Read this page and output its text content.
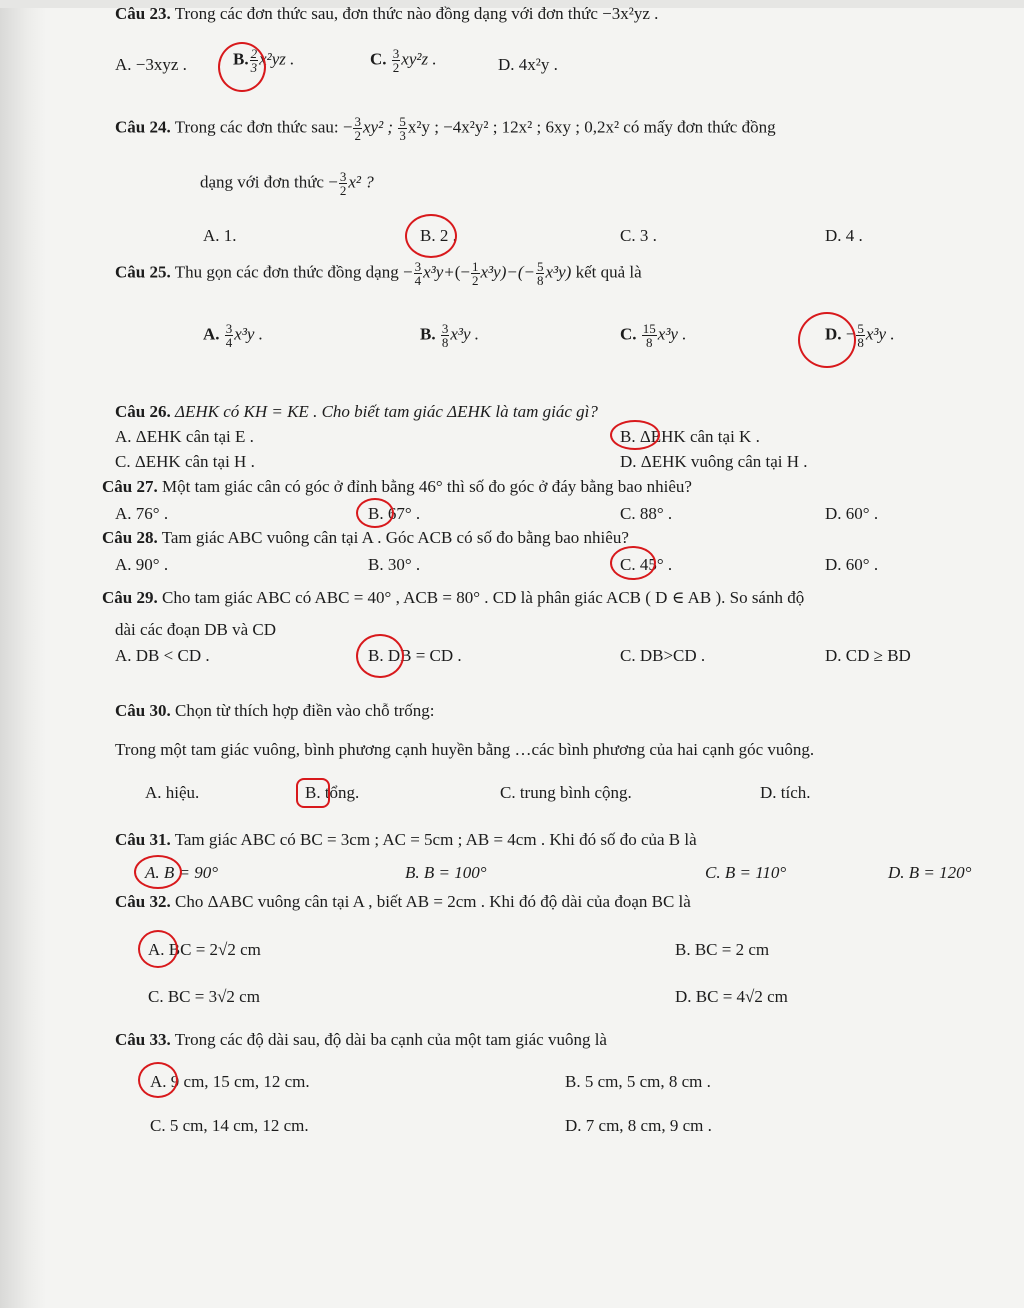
Câu 23. Trong các đơn thức sau, đơn thức nào đồng dạng với đơn thức −3x²yz .
A. −3xyz .	B. $\frac{2}{3} x^2yz$ .	C. $\frac{3}{2} xy^2z$ .	D. 4x²y .
Câu 24. Trong các đơn thức sau: − $\frac{3}{2} xy^2$ ; $\frac{5}{3} x^2y$ ; −4x²y² ; 12x² ; 6xy ; 0,2x² có mấy đơn thức đồng
dạng với đơn thức − $\frac{3}{2} x^2$ ?
A. 1.	B. 2 .	C. 3 .	D. 4 .
Câu 25. Thu gọn các đơn thức đồng dạng − $\frac{3}{4} x^3y+(- \frac{1}{2} x^3y)-(- \frac{5}{8} x^3y)$ kết quả là
A. $\frac{3}{4} x^3y$ .	B. $\frac{3}{8} x^3y$ .	C. $\frac{15}{8} x^3y$ .	D. − $\frac{5}{8} x^3y$ .
Câu 26. ΔEHK có KH = KE . Cho biết tam giác ΔEHK là tam giác gì?
A. ΔEHK cân tại E .	B. ΔEHK cân tại K .
C. ΔEHK cân tại H .	D. ΔEHK vuông cân tại H .
Câu 27. Một tam giác cân có góc ở đỉnh bằng 46° thì số đo góc ở đáy bằng bao nhiêu?
A. 76° .	B. 67° .	C. 88° .	D. 60° .
Câu 28. Tam giác ABC vuông cân tại A . Góc ACB có số đo bằng bao nhiêu?
A. 90° .	B. 30° .	C. 45° .	D. 60° .
Câu 29. Cho tam giác ABC có ABC = 40° , ACB = 80° . CD là phân giác ACB ( D ∈ AB ). So sánh độ
dài các đoạn DB và CD
A. DB < CD .	B. DB = CD .	C. DB>CD .	D. CD ≥ BD
Câu 30. Chọn từ thích hợp điền vào chỗ trống:
Trong một tam giác vuông, bình phương cạnh huyền bằng …các bình phương của hai cạnh góc vuông.
A. hiệu.	B. tổng.	C. trung bình cộng.	D. tích.
Câu 31. Tam giác ABC có BC = 3cm ; AC = 5cm ; AB = 4cm . Khi đó số đo của B là
A. B = 90°	B. B = 100°	C. B = 110°	D. B = 120°
Câu 32. Cho ΔABC vuông cân tại A , biết AB = 2cm . Khi đó độ dài của đoạn BC là
A. BC = 2√2 cm	B. BC = 2 cm
C. BC = 3√2 cm	D. BC = 4√2 cm
Câu 33. Trong các độ dài sau, độ dài ba cạnh của một tam giác vuông là
A. 9 cm, 15 cm, 12 cm.	B. 5 cm, 5 cm, 8 cm .
C. 5 cm, 14 cm, 12 cm.	D. 7 cm, 8 cm, 9 cm .
